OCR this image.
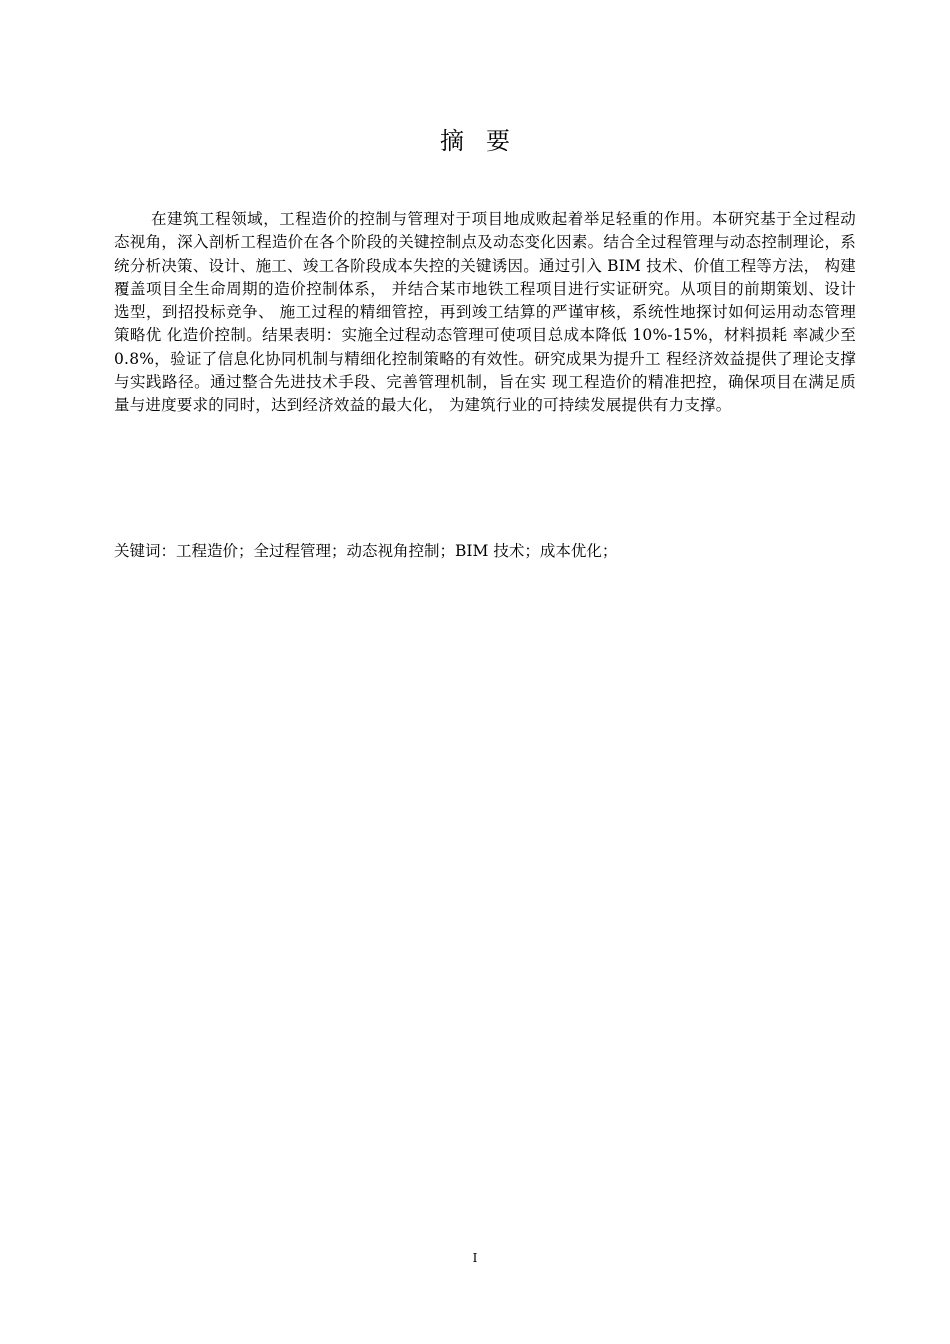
摘要
在建筑工程领域，工程造价的控制与管理对于项目地成败起着举足轻重的作用。本研究基于全过程动态视角，深入剖析工程造价在各个阶段的关键控制点及动态变化因素。结合全过程管理与动态控制理论，系统分析决策、设计、施工、竣工各阶段成本失控的关键诱因。通过引入 BIM 技术、价值工程等方法， 构建覆盖项目全生命周期的造价控制体系， 并结合某市地铁工程项目进行实证研究。从项目的前期策划、设计选型，到招投标竞争、 施工过程的精细管控，再到竣工结算的严谨审核，系统性地探讨如何运用动态管理策略优 化造价控制。结果表明：实施全过程动态管理可使项目总成本降低 10%-15%，材料损耗 率减少至 0.8%，验证了信息化协同机制与精细化控制策略的有效性。研究成果为提升工 程经济效益提供了理论支撑与实践路径。通过整合先进技术手段、完善管理机制，旨在实 现工程造价的精准把控，确保项目在满足质量与进度要求的同时，达到经济效益的最大化， 为建筑行业的可持续发展提供有力支撑。
关键词：工程造价；全过程管理；动态视角控制；BIM 技术；成本优化；
I
